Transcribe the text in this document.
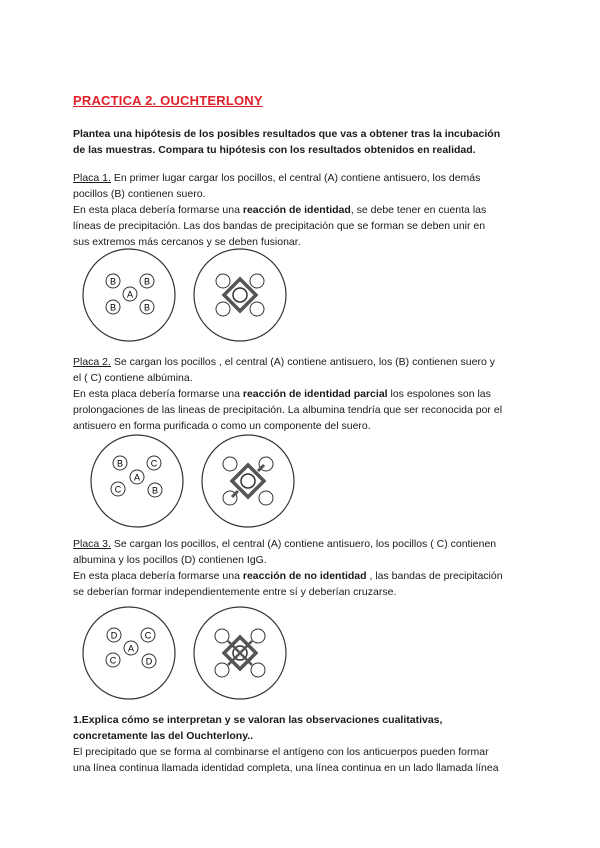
PRACTICA 2. OUCHTERLONY
Plantea una hipótesis de los posibles resultados que vas a obtener tras la incubación
de las muestras. Compara tu hipótesis con los resultados obtenidos en realidad.
Placa 1. En primer lugar cargar los pocillos, el central (A) contiene antisuero, los demás
pocillos (B) contienen suero.
En esta placa debería formarse una reacción de identidad, se debe tener en cuenta las
líneas de precipitación. Las dos bandas de precipitación que se forman se deben unir en
sus extremos más cercanos y se deben fusionar.
B	B
A
B	B
Placa 2. Se cargan los pocillos , el central (A) contiene antisuero, los (B) contienen suero y
el ( C) contiene albúmina.
En esta placa debería formarse una reacción de identidad parcial los espolones son las
prolongaciones de las lineas de precipitación. La albumina tendría que ser reconocida por el
antisuero en forma purificada o como un componente del suero.
B	C
A
C	B
Placa 3. Se cargan los pocillos, el central (A) contiene antisuero, los pocillos ( C) contienen
albumina y los pocillos (D) contienen IgG.
En esta placa debería formarse una reacción de no identidad , las bandas de precipitación
se deberían formar independientemente entre sí y deberían cruzarse.
D	C
A
C	D
1.Explica cómo se interpretan y se valoran las observaciones cualitativas,
concretamente las del Ouchterlony..
El precipitado que se forma al combinarse el antígeno con los anticuerpos pueden formar
una línea continua llamada identidad completa, una línea continua en un lado llamada línea
